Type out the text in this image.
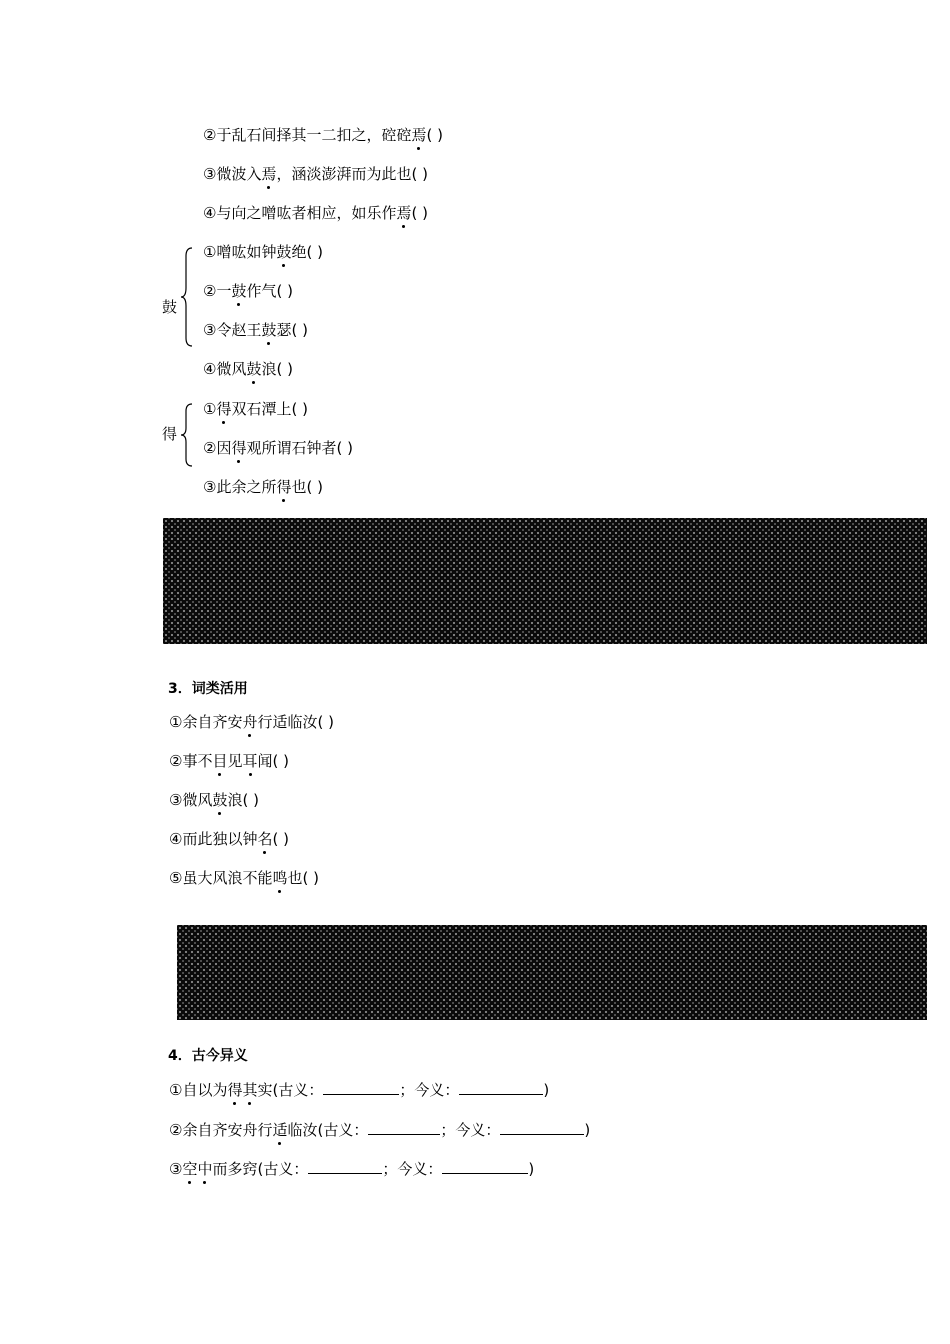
②于乱石间择其一二扣之，硿硿焉( )
③微波入焉，涵淡澎湃而为此也( )
④与向之噌吰者相应，如乐作焉( )
鼓
①噌吰如钟鼓绝( )
②一鼓作气( )
③令赵王鼓瑟( )
④微风鼓浪( )
得
①得双石潭上( )
②因得观所谓石钟者( )
③此余之所得也( )
3．词类活用
①余自齐安舟行适临汝( )
②事不目见耳闻( )
③微风鼓浪( )
④而此独以钟名( )
⑤虽大风浪不能鸣也( )
4．古今异义
①自以为得其实(古义：	；今义：	)
②余自齐安舟行适临汝(古义：	；今义：	)
③空中而多窍(古义：	；今义：	)
